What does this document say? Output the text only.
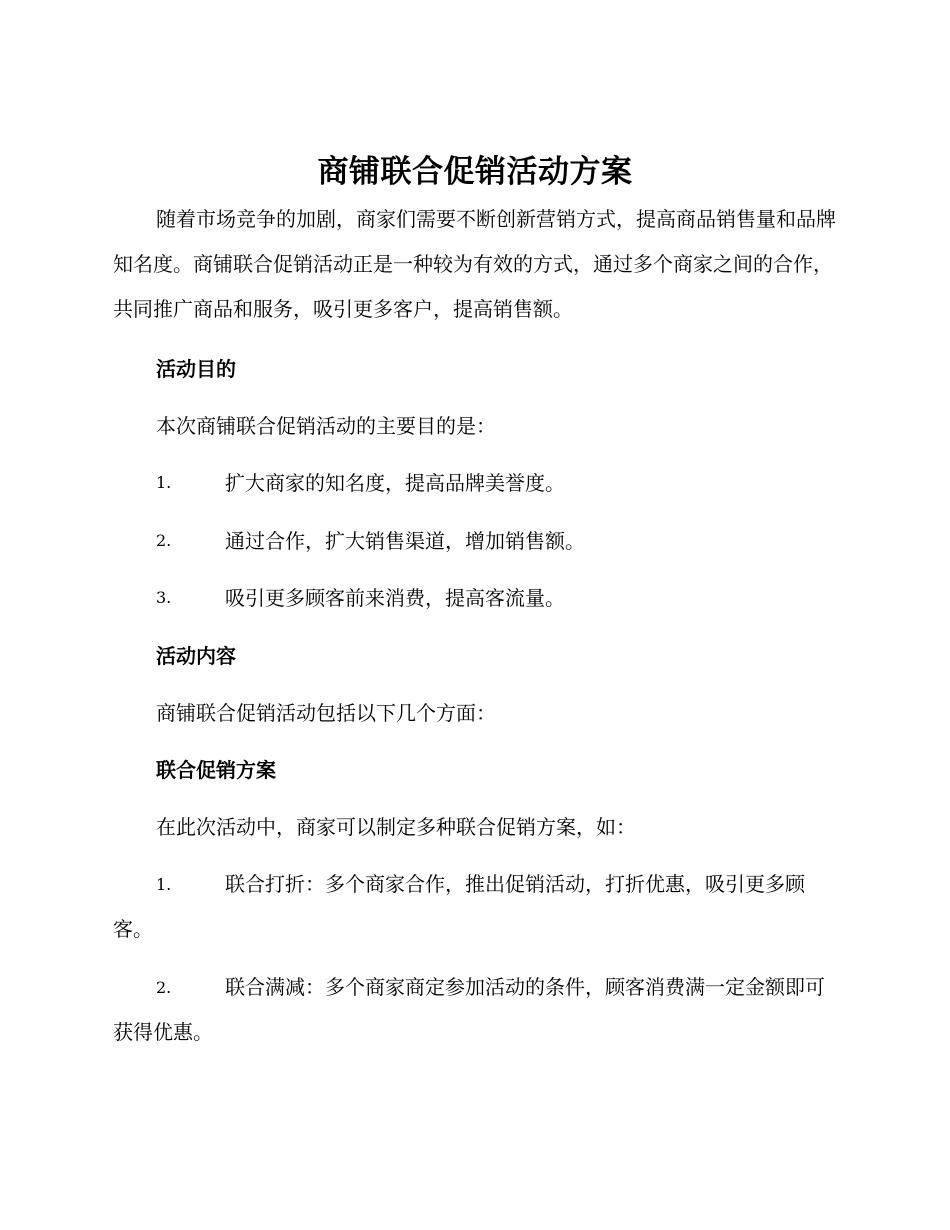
商铺联合促销活动方案

随着市场竞争的加剧，商家们需要不断创新营销方式，提高商品销售量和品牌知名度。商铺联合促销活动正是一种较为有效的方式，通过多个商家之间的合作，共同推广商品和服务，吸引更多客户，提高销售额。

活动目的
本次商铺联合促销活动的主要目的是：
1.	扩大商家的知名度，提高品牌美誉度。
2.	通过合作，扩大销售渠道，增加销售额。
3.	吸引更多顾客前来消费，提高客流量。
活动内容
商铺联合促销活动包括以下几个方面：
联合促销方案
在此次活动中，商家可以制定多种联合促销方案，如：
1.	联合打折：多个商家合作，推出促销活动，打折优惠，吸引更多顾客。

2.	联合满减：多个商家商定参加活动的条件，顾客消费满一定金额即可获得优惠。
